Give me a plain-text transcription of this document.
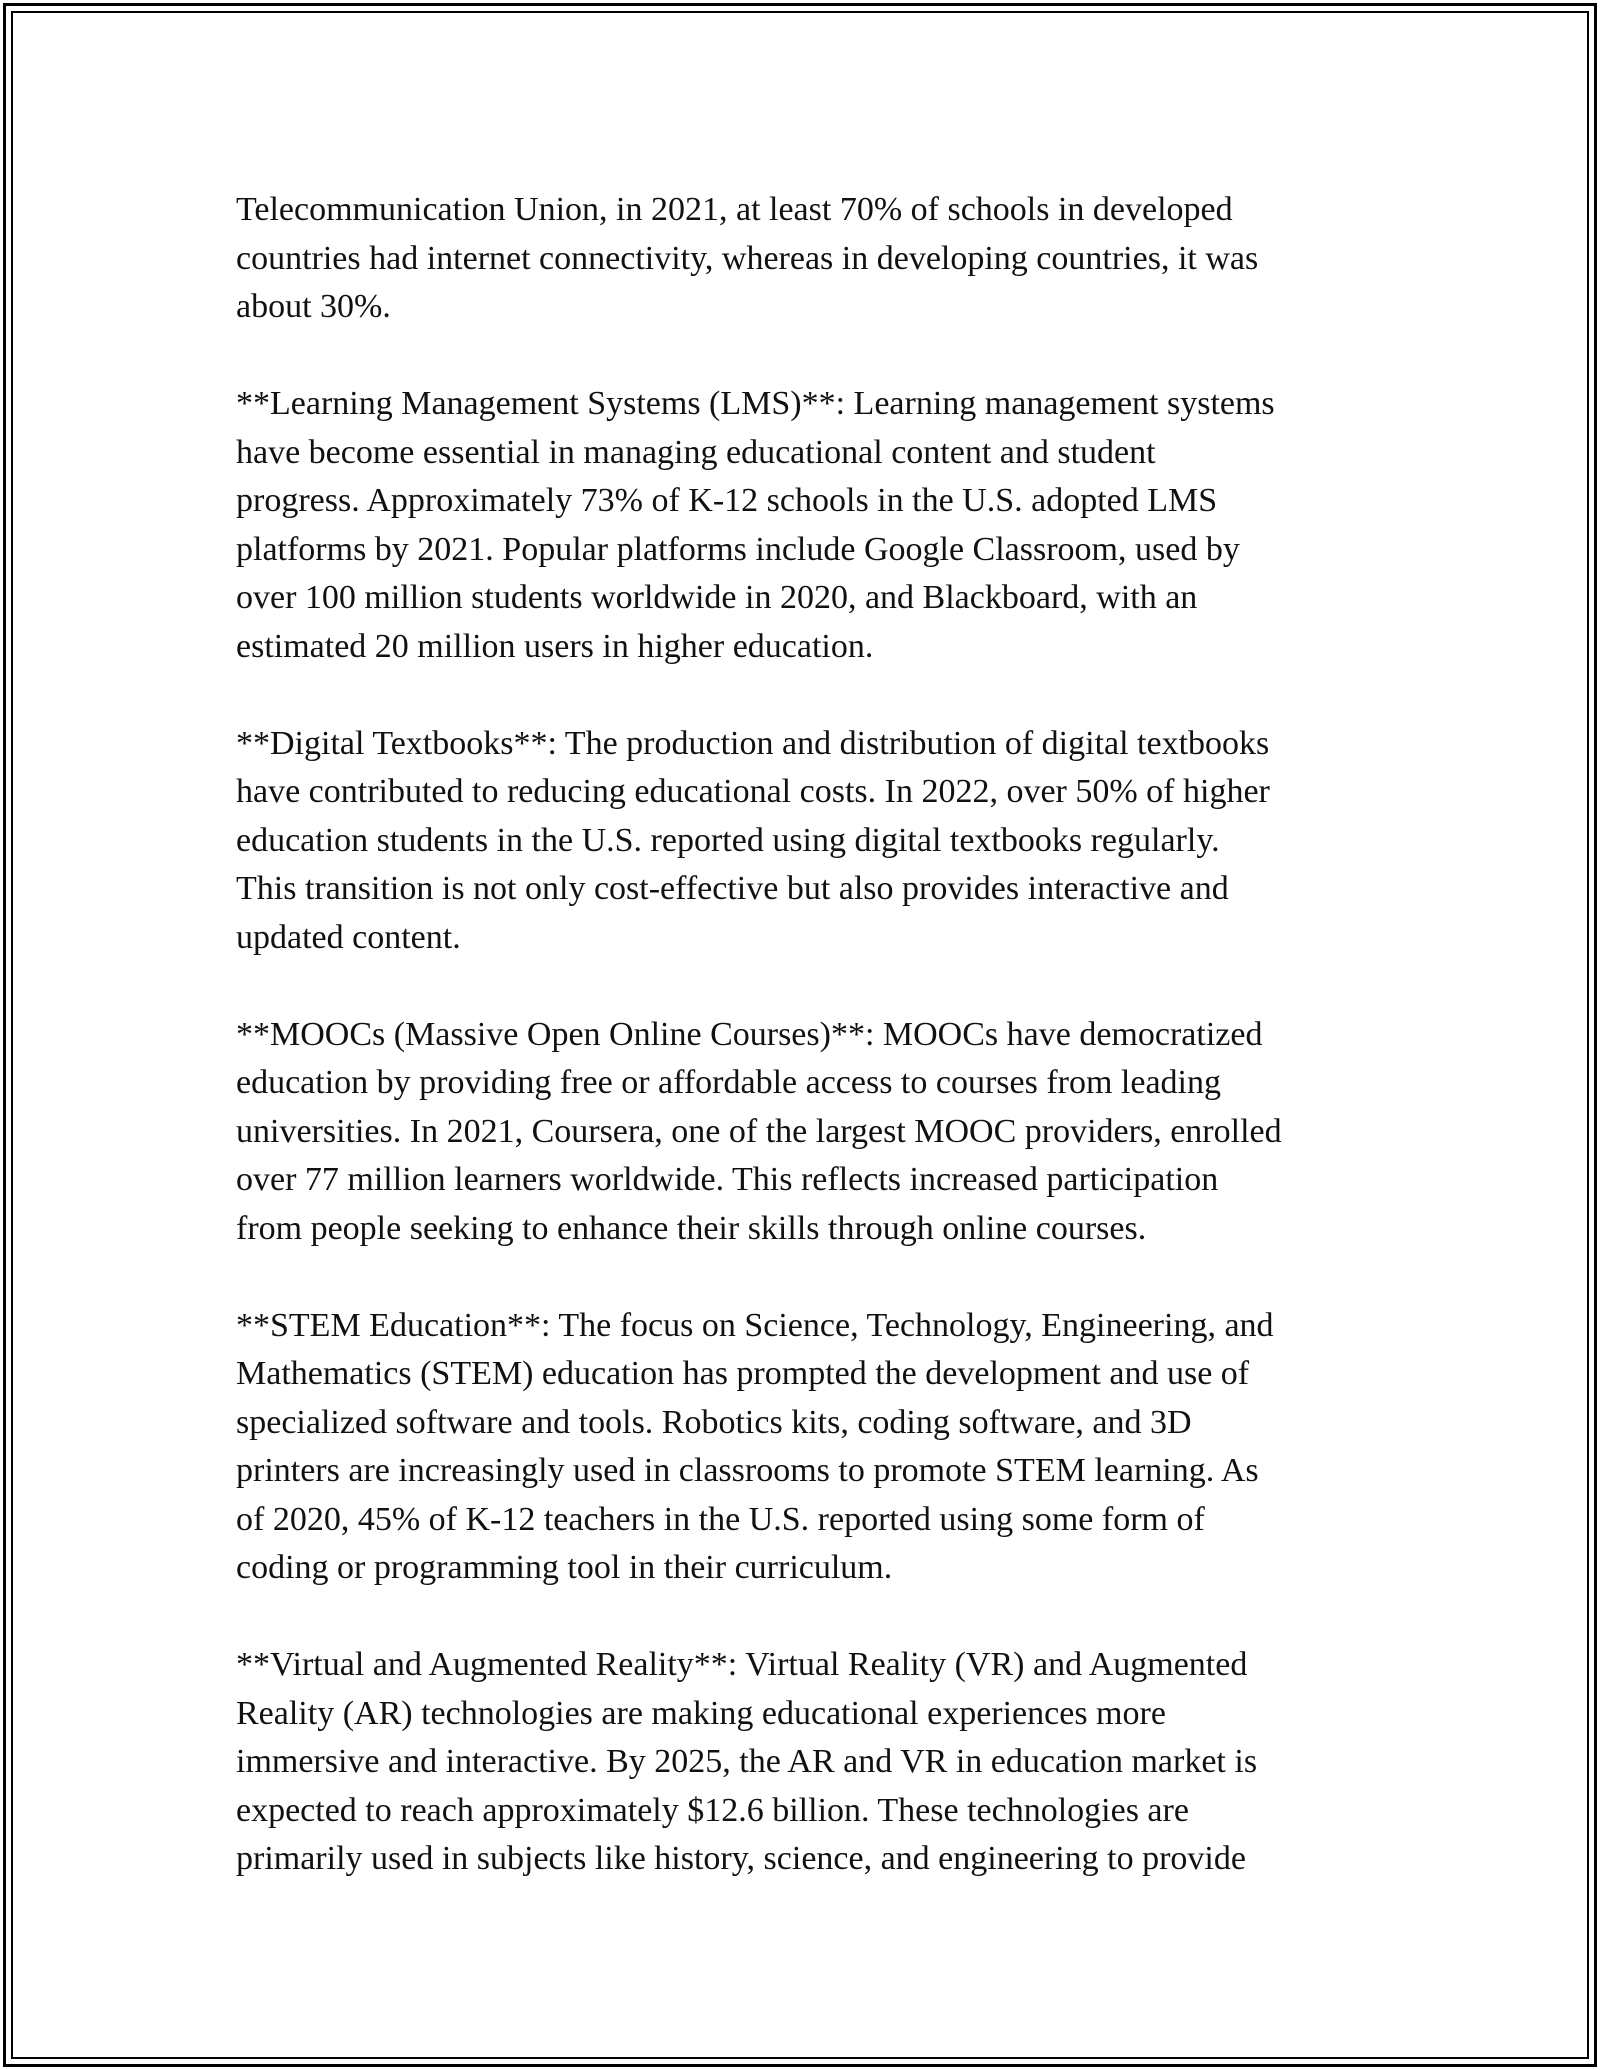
Telecommunication Union, in 2021, at least 70% of schools in developed
countries had internet connectivity, whereas in developing countries, it was
about 30%.

**Learning Management Systems (LMS)**: Learning management systems
have become essential in managing educational content and student
progress. Approximately 73% of K-12 schools in the U.S. adopted LMS
platforms by 2021. Popular platforms include Google Classroom, used by
over 100 million students worldwide in 2020, and Blackboard, with an
estimated 20 million users in higher education.

**Digital Textbooks**: The production and distribution of digital textbooks
have contributed to reducing educational costs. In 2022, over 50% of higher
education students in the U.S. reported using digital textbooks regularly.
This transition is not only cost-effective but also provides interactive and
updated content.

**MOOCs (Massive Open Online Courses)**: MOOCs have democratized
education by providing free or affordable access to courses from leading
universities. In 2021, Coursera, one of the largest MOOC providers, enrolled
over 77 million learners worldwide. This reflects increased participation
from people seeking to enhance their skills through online courses.

**STEM Education**: The focus on Science, Technology, Engineering, and
Mathematics (STEM) education has prompted the development and use of
specialized software and tools. Robotics kits, coding software, and 3D
printers are increasingly used in classrooms to promote STEM learning. As
of 2020, 45% of K-12 teachers in the U.S. reported using some form of
coding or programming tool in their curriculum.

**Virtual and Augmented Reality**: Virtual Reality (VR) and Augmented
Reality (AR) technologies are making educational experiences more
immersive and interactive. By 2025, the AR and VR in education market is
expected to reach approximately $12.6 billion. These technologies are
primarily used in subjects like history, science, and engineering to provide
